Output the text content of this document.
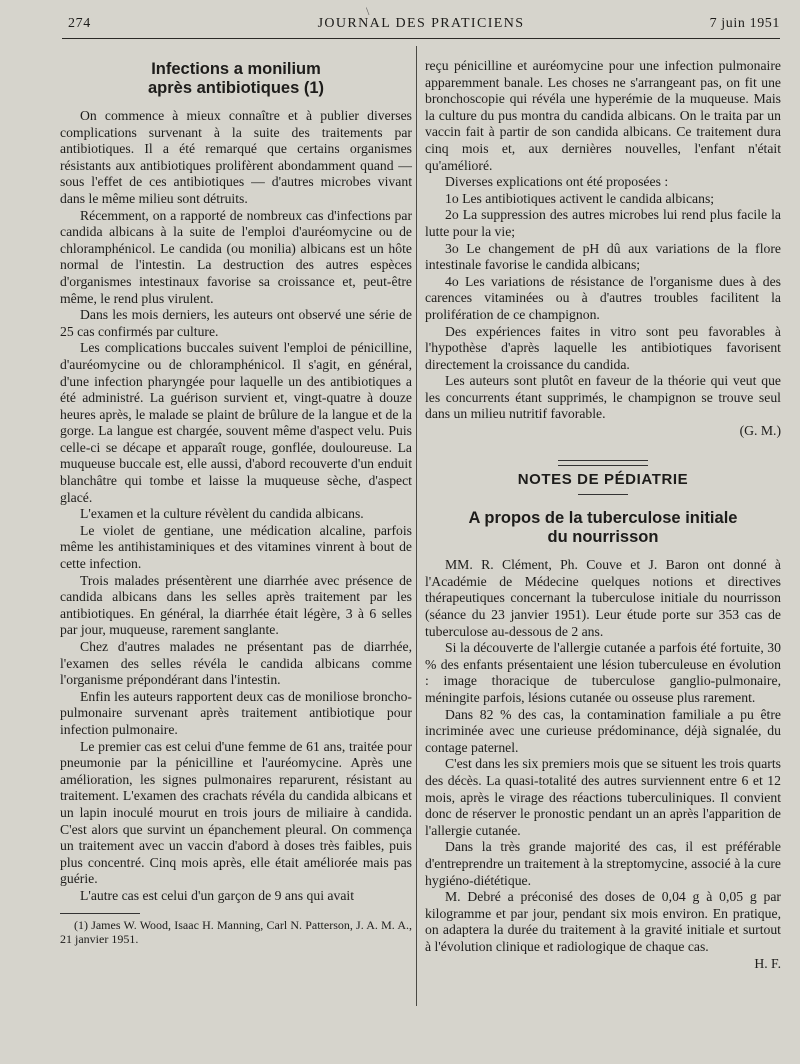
\
274	JOURNAL DES PRATICIENS	7 juin 1951
Infections a monilium
après antibiotiques (1)

On commence à mieux connaître et à publier diverses complications survenant à la suite des traitements par antibiotiques. Il a été remarqué que certains organismes résistants aux antibiotiques prolifèrent abondamment quand — sous l'effet de ces antibiotiques — d'autres microbes vivant dans le même milieu sont détruits.

Récemment, on a rapporté de nombreux cas d'infections par candida albicans à la suite de l'emploi d'auréomycine ou de chloramphénicol. Le candida (ou monilia) albicans est un hôte normal de l'intestin. La destruction des autres espèces d'organismes intestinaux favorise sa croissance et, peut-être même, le rend plus virulent.

Dans les mois derniers, les auteurs ont observé une série de 25 cas confirmés par culture.

Les complications buccales suivent l'emploi de pénicilline, d'auréomycine ou de chloramphénicol. Il s'agit, en général, d'une infection pharyngée pour laquelle un des antibiotiques a été administré. La guérison survient et, vingt-quatre à douze heures après, le malade se plaint de brûlure de la langue et de la gorge. La langue est chargée, souvent même d'aspect velu. Puis celle-ci se décape et apparaît rouge, gonflée, douloureuse. La muqueuse buccale est, elle aussi, d'abord recouverte d'un enduit blanchâtre qui tombe et laisse la muqueuse sèche, d'aspect glacé.

L'examen et la culture révèlent du candida albicans.

Le violet de gentiane, une médication alcaline, parfois même les antihistaminiques et des vitamines vinrent à bout de cette infection.

Trois malades présentèrent une diarrhée avec présence de candida albicans dans les selles après traitement par les antibiotiques. En général, la diarrhée était légère, 3 à 6 selles par jour, muqueuse, rarement sanglante.

Chez d'autres malades ne présentant pas de diarrhée, l'examen des selles révéla le candida albicans comme l'organisme prépondérant dans l'intestin.

Enfin les auteurs rapportent deux cas de moniliose broncho-pulmonaire survenant après traitement antibiotique pour infection pulmonaire.

Le premier cas est celui d'une femme de 61 ans, traitée pour pneumonie par la pénicilline et l'auréomycine. Après une amélioration, les signes pulmonaires reparurent, résistant au traitement. L'examen des crachats révéla du candida albicans et un lapin inoculé mourut en trois jours de miliaire à candida. C'est alors que survint un épanchement pleural. On commença un traitement avec un vaccin d'abord à doses très faibles, puis plus concentré. Cinq mois après, elle était améliorée mais pas guérie.

L'autre cas est celui d'un garçon de 9 ans qui avait

(1) James W. Wood, Isaac H. Manning, Carl N. Patterson, J. A. M. A., 21 janvier 1951.

reçu pénicilline et auréomycine pour une infection pulmonaire apparemment banale. Les choses ne s'arrangeant pas, on fit une bronchoscopie qui révéla une hyperémie de la muqueuse. Mais la culture du pus montra du candida albicans. On le traita par un vaccin fait à partir de son candida albicans. Ce traitement dura cinq mois et, aux dernières nouvelles, l'enfant n'était qu'amélioré.

Diverses explications ont été proposées :

1o Les antibiotiques activent le candida albicans;

2o La suppression des autres microbes lui rend plus facile la lutte pour la vie;

3o Le changement de pH dû aux variations de la flore intestinale favorise le candida albicans;

4o Les variations de résistance de l'organisme dues à des carences vitaminées ou à d'autres troubles facilitent la prolifération de ce champignon.

Des expériences faites in vitro sont peu favorables à l'hypothèse d'après laquelle les antibiotiques favorisent directement la croissance du candida.

Les auteurs sont plutôt en faveur de la théorie qui veut que les concurrents étant supprimés, le champignon se trouve seul dans un milieu nutritif favorable.

(G. M.)
NOTES DE PÉDIATRIE
A propos de la tuberculose initiale
du nourrisson

MM. R. Clément, Ph. Couve et J. Baron ont donné à l'Académie de Médecine quelques notions et directives thérapeutiques concernant la tuberculose initiale du nourrisson (séance du 23 janvier 1951). Leur étude porte sur 353 cas de tuberculose au-dessous de 2 ans.

Si la découverte de l'allergie cutanée a parfois été fortuite, 30 % des enfants présentaient une lésion tuberculeuse en évolution : image thoracique de tuberculose ganglio-pulmonaire, méningite parfois, lésions cutanée ou osseuse plus rarement.

Dans 82 % des cas, la contamination familiale a pu être incriminée avec une curieuse prédominance, déjà signalée, du contage paternel.

C'est dans les six premiers mois que se situent les trois quarts des décès. La quasi-totalité des autres surviennent entre 6 et 12 mois, après le virage des réactions tuberculiniques. Il convient donc de réserver le pronostic pendant un an après l'apparition de l'allergie cutanée.

Dans la très grande majorité des cas, il est préférable d'entreprendre un traitement à la streptomycine, associé à la cure hygiéno-diététique.

M. Debré a préconisé des doses de 0,04 g à 0,05 g par kilogramme et par jour, pendant six mois environ. En pratique, on adaptera la durée du traitement à la gravité initiale et surtout à l'évolution clinique et radiologique de chaque cas.

H. F.
